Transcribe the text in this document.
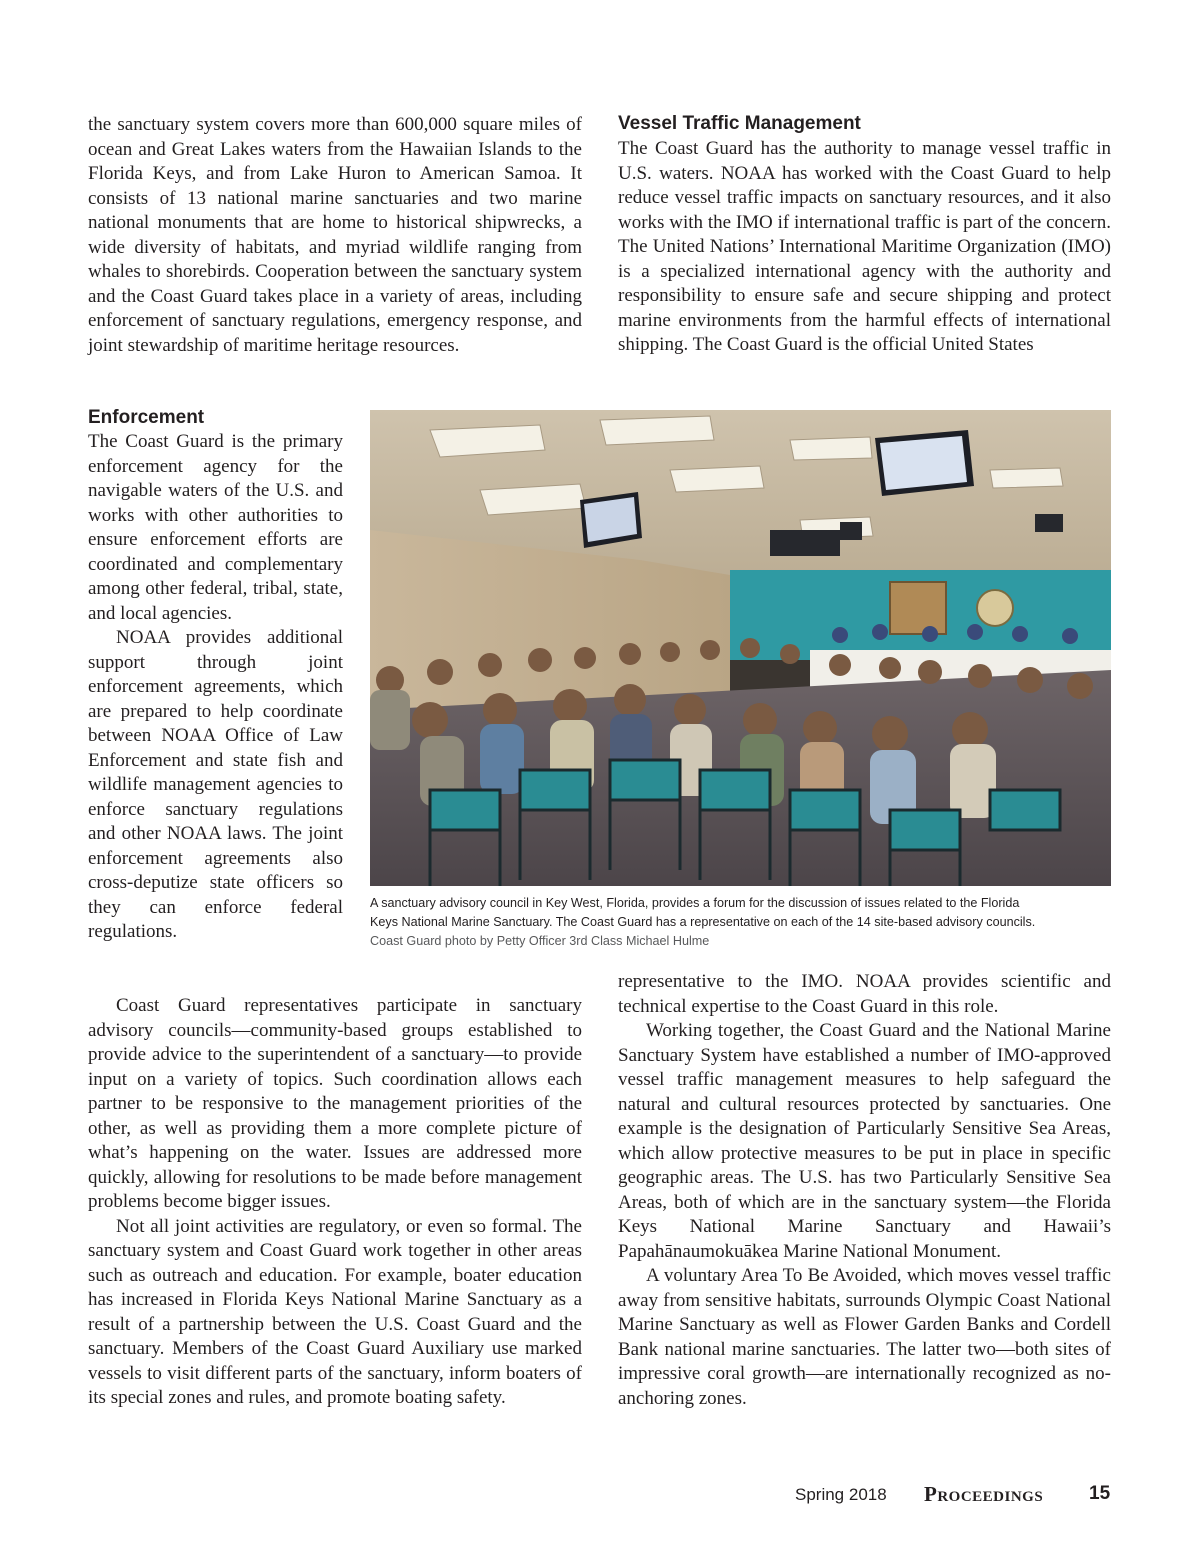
the sanctuary system covers more than 600,000 square miles of ocean and Great Lakes waters from the Hawaiian Islands to the Florida Keys, and from Lake Huron to American Samoa. It consists of 13 national marine sanctuaries and two marine national monuments that are home to historical shipwrecks, a wide diversity of habitats, and myriad wildlife ranging from whales to shorebirds. Cooperation between the sanctuary system and the Coast Guard takes place in a variety of areas, including enforcement of sanctuary regulations, emergency response, and joint stewardship of maritime heritage resources.

Vessel Traffic Management

The Coast Guard has the authority to manage vessel traffic in U.S. waters. NOAA has worked with the Coast Guard to help reduce vessel traffic impacts on sanctuary resources, and it also works with the IMO if international traffic is part of the concern. The United Nations’ International Maritime Organization (IMO) is a specialized international agency with the authority and responsibility to ensure safe and secure shipping and protect marine environments from the harmful effects of international shipping. The Coast Guard is the official United States

Enforcement

The Coast Guard is the primary enforcement agency for the navigable waters of the U.S. and works with other authorities to ensure enforcement efforts are coordinated and complementary among other federal, tribal, state, and local agencies.

NOAA provides additional support through joint enforcement agreements, which are prepared to help coordinate between NOAA Office of Law Enforcement and state fish and wildlife management agencies to enforce sanctuary regulations and other NOAA laws. The joint enforcement agreements also cross-deputize state officers so they can enforce federal regulations.

A sanctuary advisory council in Key West, Florida, provides a forum for the discussion of issues related to the Florida
Keys National Marine Sanctuary. The Coast Guard has a representative on each of the 14 site-based advisory councils.
Coast Guard photo by Petty Officer 3rd Class Michael Hulme

Coast Guard representatives participate in sanctuary advisory councils—community-based groups established to provide advice to the superintendent of a sanctuary—to provide input on a variety of topics. Such coordination allows each partner to be responsive to the management priorities of the other, as well as providing them a more complete picture of what’s happening on the water. Issues are addressed more quickly, allowing for resolutions to be made before management problems become bigger issues.

Not all joint activities are regulatory, or even so formal. The sanctuary system and Coast Guard work together in other areas such as outreach and education. For example, boater education has increased in Florida Keys National Marine Sanctuary as a result of a partnership between the U.S. Coast Guard and the sanctuary. Members of the Coast Guard Auxiliary use marked vessels to visit different parts of the sanctuary, inform boaters of its special zones and rules, and promote boating safety.

representative to the IMO. NOAA provides scientific and technical expertise to the Coast Guard in this role.

Working together, the Coast Guard and the National Marine Sanctuary System have established a number of IMO-approved vessel traffic management measures to help safeguard the natural and cultural resources protected by sanctuaries. One example is the designation of Particularly Sensitive Sea Areas, which allow protective measures to be put in place in specific geographic areas. The U.S. has two Particularly Sensitive Sea Areas, both of which are in the sanctuary system—the Florida Keys National Marine Sanctuary and Hawaii’s Papahānaumokuākea Marine National Monument.

A voluntary Area To Be Avoided, which moves vessel traffic away from sensitive habitats, surrounds Olympic Coast National Marine Sanctuary as well as Flower Garden Banks and Cordell Bank national marine sanctuaries. The latter two—both sites of impressive coral growth—are internationally recognized as no-anchoring zones.

Spring 2018 Proceedings 15
